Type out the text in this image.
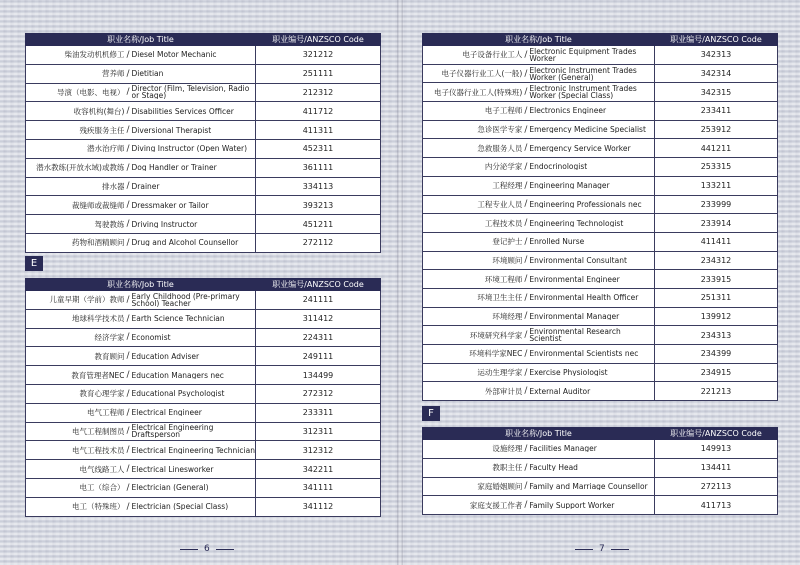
职业名称/Job Title	职业编号/ANZSCO Code

柴油发动机机修工 / Diesel Motor Mechanic	321212

营养师 / Dietitian	251111

导演（电影、电视） / Director (Film, Television, Radio or Stage)	212312

收容机构(舞台) / Disabilities Services Officer	411712

残疾服务主任 / Diversional Therapist	411311

潜水治疗师 / Diving Instructor (Open Water)	452311

潜水教练(开放水域)或教练 / Dog Handler or Trainer	361111

排水器 / Drainer	334113

裁缝师或裁缝师 / Dressmaker or Tailor	393213

驾驶教练 / Driving Instructor	451211

药物和酒精顾问 / Drug and Alcohol Counsellor	272112
E
职业名称/Job Title	职业编号/ANZSCO Code

儿童早期（学前）教师 / Early Childhood (Pre-primary School) Teacher	241111

地球科学技术员 / Earth Science Technician	311412

经济学家 / Economist	224311

教育顾问 / Education Adviser	249111

教育管理者NEC / Education Managers nec	134499

教育心理学家 / Educational Psychologist	272312

电气工程师 / Electrical Engineer	233311

电气工程制图员 / Electrical Engineering Draftsperson	312311

电气工程技术员 / Electrical Engineering Technician	312312

电气线路工人 / Electrical Linesworker	342211

电工（综合） / Electrician (General)	341111

电工（特殊班） / Electrician (Special Class)	341112
职业名称/Job Title	职业编号/ANZSCO Code

电子设备行业工人 / Electronic Equipment Trades Worker	342313

电子仪器行业工人(一般) / Electronic Instrument Trades Worker (General)	342314

电子仪器行业工人(特殊班) / Electronic Instrument Trades Worker (Special Class)	342315

电子工程师 / Electronics Engineer	233411

急诊医学专家 / Emergency Medicine Specialist	253912

急救服务人员 / Emergency Service Worker	441211

内分泌学家 / Endocrinologist	253315

工程经理 / Engineering Manager	133211

工程专业人员 / Engineering Professionals nec	233999

工程技术员 / Engineering Technologist	233914

登记护士 / Enrolled Nurse	411411

环境顾问 / Environmental Consultant	234312

环境工程师 / Environmental Engineer	233915

环境卫生主任 / Environmental Health Officer	251311

环境经理 / Environmental Manager	139912

环境研究科学家 / Environmental Research Scientist	234313

环境科学家NEC / Environmental Scientists nec	234399

运动生理学家 / Exercise Physiologist	234915

外部审计员 / External Auditor	221213
F
职业名称/Job Title	职业编号/ANZSCO Code

设施经理 / Facilities Manager	149913

教职主任 / Faculty Head	134411

家庭婚姻顾问 / Family and Marriage Counsellor	272113

家庭支援工作者 / Family Support Worker	411713
6	7
